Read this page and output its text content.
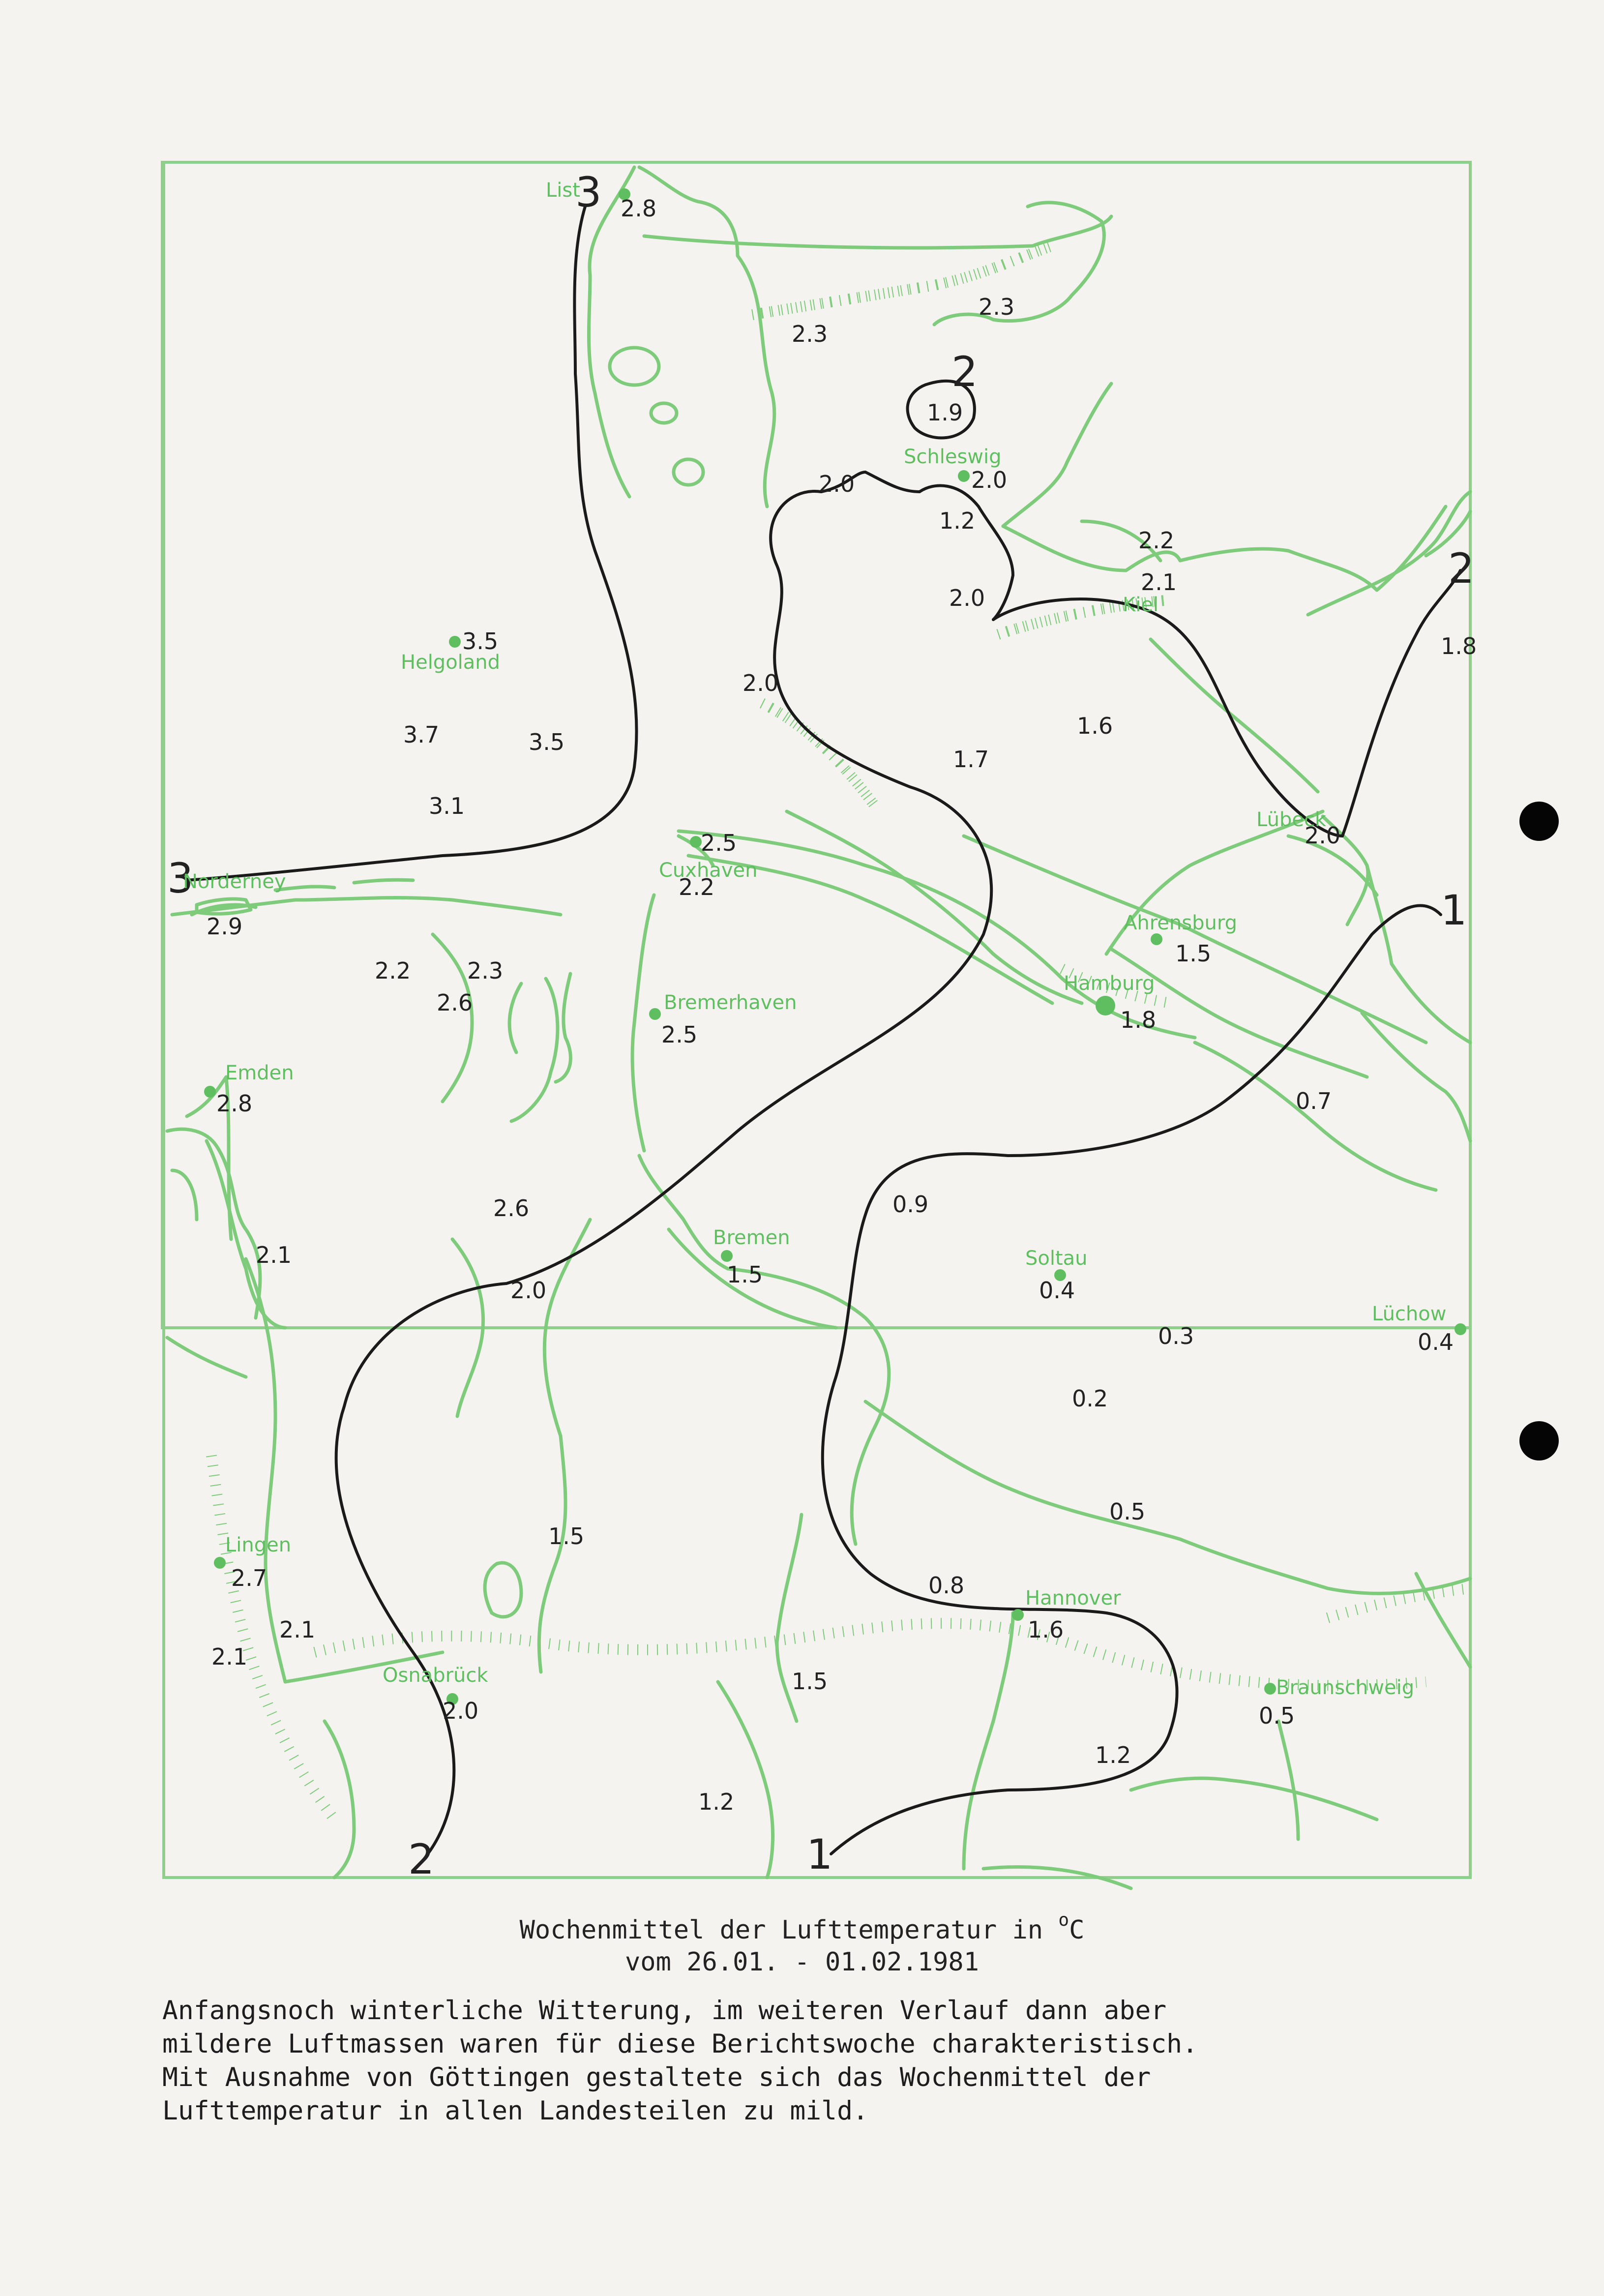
3
3
2
2
2
1
1
List
Schleswig
Kiel
Helgoland
Lübeck
Norderney	Cuxhaven
Ahrensburg
Hamburg
Bremerhaven
Emden
Bremen
Soltau
Lüchow
Lingen
Hannover
Osnabrück
Braunschweig
2.8
2.3
2.3
1.9
2.0	2.0
1.2
2.2
2.1
2.0
2.0
1.8
3.5
3.7	3.5
1.6
1.7
3.1
2.0
2.5
2.9
2.2
2.2 2.3
2.6
1.5
1.8
2.5
2.8	0.7
0.9
2.6
1.5
2.1
2.0	0.4
0.3	0.4
0.2
1.5
0.5
2.7	0.8
1.6
2.1
2.1
1.5
2.0	0.5
1.2
1.2
Wochenmittel der Lufttemperatur in $^o$C
vom 26.01. - 01.02.1981

Anfangsnoch winterliche Witterung, im weiteren Verlauf dann aber

mildere Luftmassen waren für diese Berichtswoche charakteristisch.

Mit Ausnahme von Göttingen gestaltete sich das Wochenmittel der

Lufttemperatur in allen Landesteilen zu mild.
